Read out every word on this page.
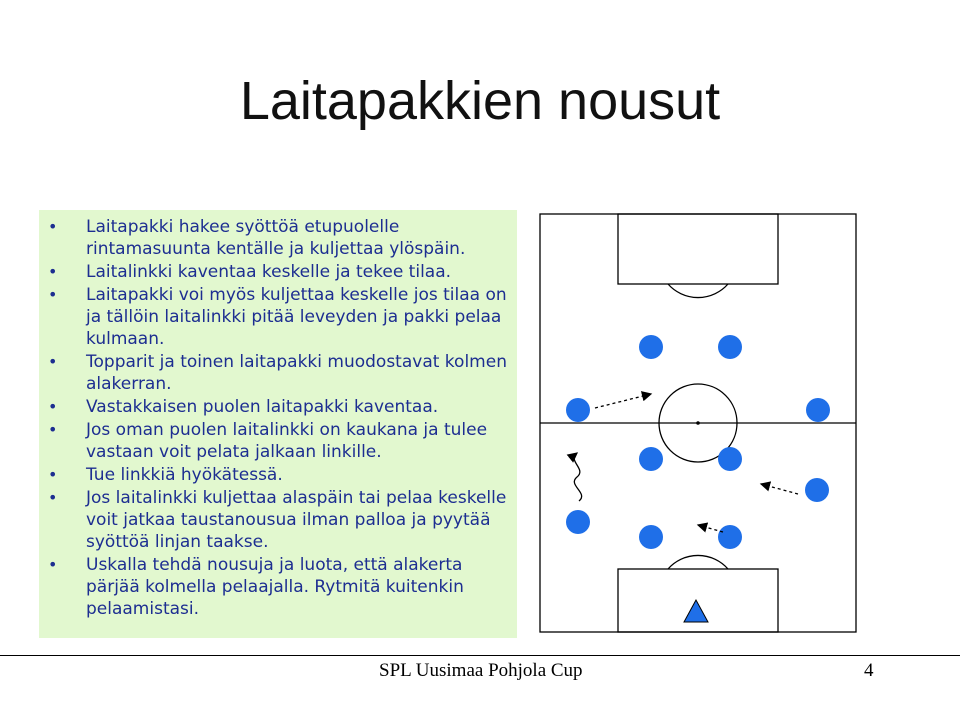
Laitapakkien nousut
• Laitapakki hakee syöttöä etupuolelle rintamasuunta kentälle ja kuljettaa ylöspäin.
• Laitalinkki kaventaa keskelle ja tekee tilaa.
• Laitapakki voi myös kuljettaa keskelle jos tilaa on ja tällöin laitalinkki pitää leveyden ja pakki pelaa kulmaan.
• Topparit ja toinen laitapakki muodostavat kolmen alakerran.
• Vastakkaisen puolen laitapakki kaventaa.
• Jos oman puolen laitalinkki on kaukana ja tulee vastaan voit pelata jalkaan linkille.
• Tue linkkiä hyökätessä.
• Jos laitalinkki kuljettaa alaspäin tai pelaa keskelle voit jatkaa taustanousua ilman palloa ja pyytää syöttöä linjan taakse.
• Uskalla tehdä nousuja ja luota, että alakerta pärjää kolmella pelaajalla. Rytmitä kuitenkin pelaamistasi.
SPL Uusimaa Pohjola Cup	4
